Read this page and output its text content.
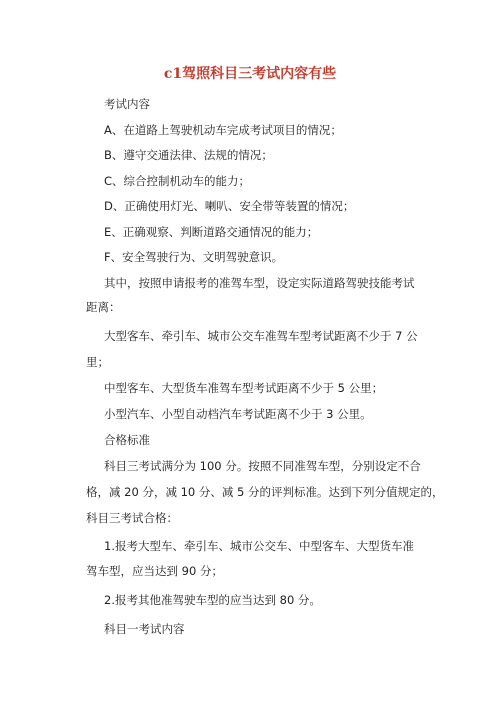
c1驾照科目三考试内容有些
考试内容
A、在道路上驾驶机动车完成考试项目的情况；
B、遵守交通法律、法规的情况；
C、综合控制机动车的能力；
D、正确使用灯光、喇叭、安全带等装置的情况；
E、正确观察、判断道路交通情况的能力；
F、安全驾驶行为、文明驾驶意识。
其中，按照申请报考的准驾车型，设定实际道路驾驶技能考试
距离：
大型客车、牵引车、城市公交车准驾车型考试距离不少于 7 公
里；
中型客车、大型货车准驾车型考试距离不少于 5 公里；
小型汽车、小型自动档汽车考试距离不少于 3 公里。
合格标准
科目三考试满分为 100 分。按照不同准驾车型，分别设定不合
格，减 20 分，减 10 分、减 5 分的评判标准。达到下列分值规定的，
科目三考试合格：
1.报考大型车、牵引车、城市公交车、中型客车、大型货车准
驾车型，应当达到 90 分；
2.报考其他准驾驶车型的应当达到 80 分。
科目一考试内容
